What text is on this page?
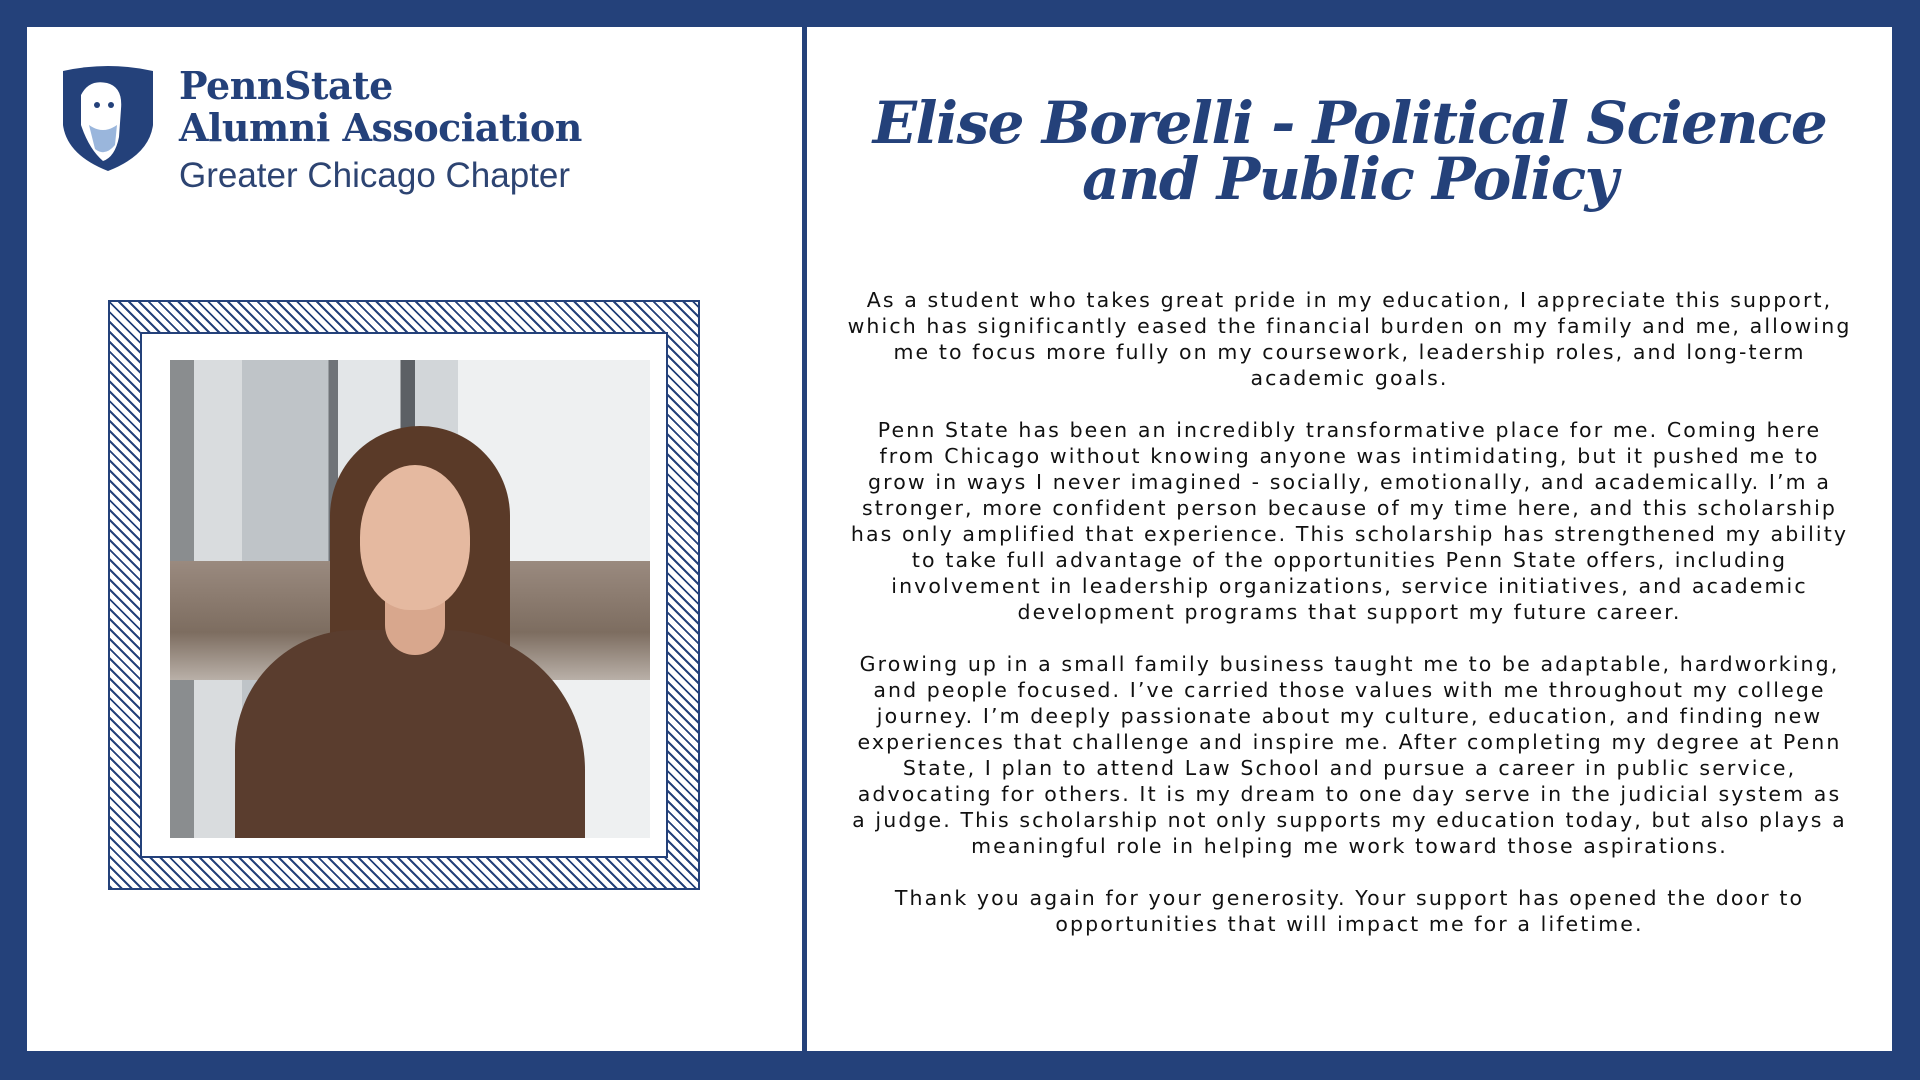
PennState
Alumni Association
Greater Chicago Chapter
Elise Borelli - Political Science
and Public Policy

As a student who takes great pride in my education, I appreciate this support, which has significantly eased the financial burden on my family and me, allowing me to focus more fully on my coursework, leadership roles, and long-term academic goals.

Penn State has been an incredibly transformative place for me. Coming here from Chicago without knowing anyone was intimidating, but it pushed me to grow in ways I never imagined - socially, emotionally, and academically. I’m a stronger, more confident person because of my time here, and this scholarship has only amplified that experience. This scholarship has strengthened my ability to take full advantage of the opportunities Penn State offers, including involvement in leadership organizations, service initiatives, and academic development programs that support my future career.

Growing up in a small family business taught me to be adaptable, hardworking, and people focused. I’ve carried those values with me throughout my college journey. I’m deeply passionate about my culture, education, and finding new experiences that challenge and inspire me. After completing my degree at Penn State, I plan to attend Law School and pursue a career in public service, advocating for others. It is my dream to one day serve in the judicial system as a judge. This scholarship not only supports my education today, but also plays a meaningful role in helping me work toward those aspirations.

Thank you again for your generosity. Your support has opened the door to opportunities that will impact me for a lifetime.
